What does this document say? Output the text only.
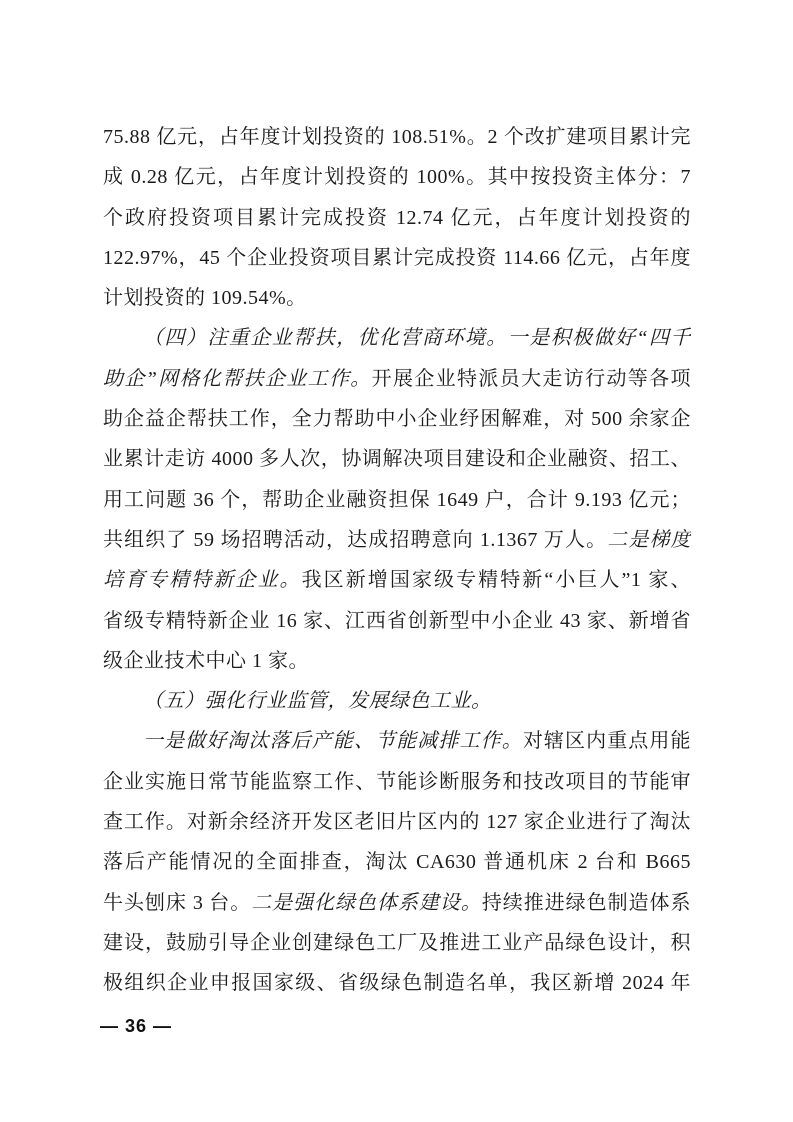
75.88 亿元，占年度计划投资的 108.51%。2 个改扩建项目累计完
成 0.28 亿元，占年度计划投资的 100%。其中按投资主体分：7
个政府投资项目累计完成投资 12.74 亿元，占年度计划投资的
122.97%，45 个企业投资项目累计完成投资 114.66 亿元，占年度
计划投资的 109.54%。
（四）注重企业帮扶，优化营商环境。一是积极做好“四千
助企”网格化帮扶企业工作。开展企业特派员大走访行动等各项
助企益企帮扶工作，全力帮助中小企业纾困解难，对 500 余家企
业累计走访 4000 多人次，协调解决项目建设和企业融资、招工、
用工问题 36 个，帮助企业融资担保 1649 户，合计 9.193 亿元；
共组织了 59 场招聘活动，达成招聘意向 1.1367 万人。二是梯度
培育专精特新企业。我区新增国家级专精特新“小巨人”1 家、
省级专精特新企业 16 家、江西省创新型中小企业 43 家、新增省
级企业技术中心 1 家。
（五）强化行业监管，发展绿色工业。
一是做好淘汰落后产能、节能减排工作。对辖区内重点用能
企业实施日常节能监察工作、节能诊断服务和技改项目的节能审
查工作。对新余经济开发区老旧片区内的 127 家企业进行了淘汰
落后产能情况的全面排查，淘汰 CA630 普通机床 2 台和 B665
牛头刨床 3 台。二是强化绿色体系建设。持续推进绿色制造体系
建设，鼓励引导企业创建绿色工厂及推进工业产品绿色设计，积
极组织企业申报国家级、省级绿色制造名单，我区新增 2024 年
— 36 —
